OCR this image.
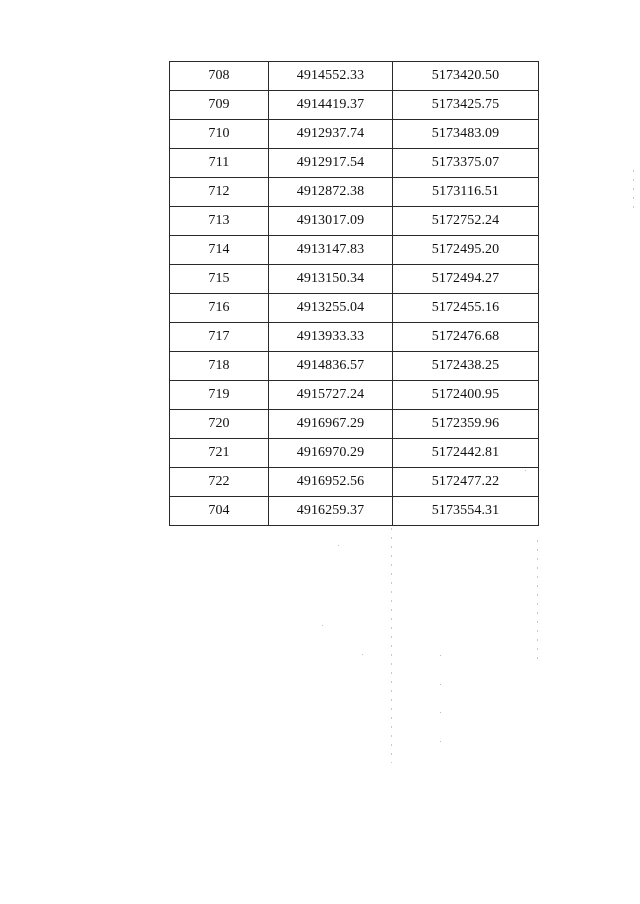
708	4914552.33	5173420.50
709	4914419.37	5173425.75
710	4912937.74	5173483.09
711	4912917.54	5173375.07
712	4912872.38	5173116.51
713	4913017.09	5172752.24
714	4913147.83	5172495.20
715	4913150.34	5172494.27
716	4913255.04	5172455.16
717	4913933.33	5172476.68
718	4914836.57	5172438.25
719	4915727.24	5172400.95
720	4916967.29	5172359.96
721	4916970.29	5172442.81
722	4916952.56	5172477.22
704	4916259.37	5173554.31
